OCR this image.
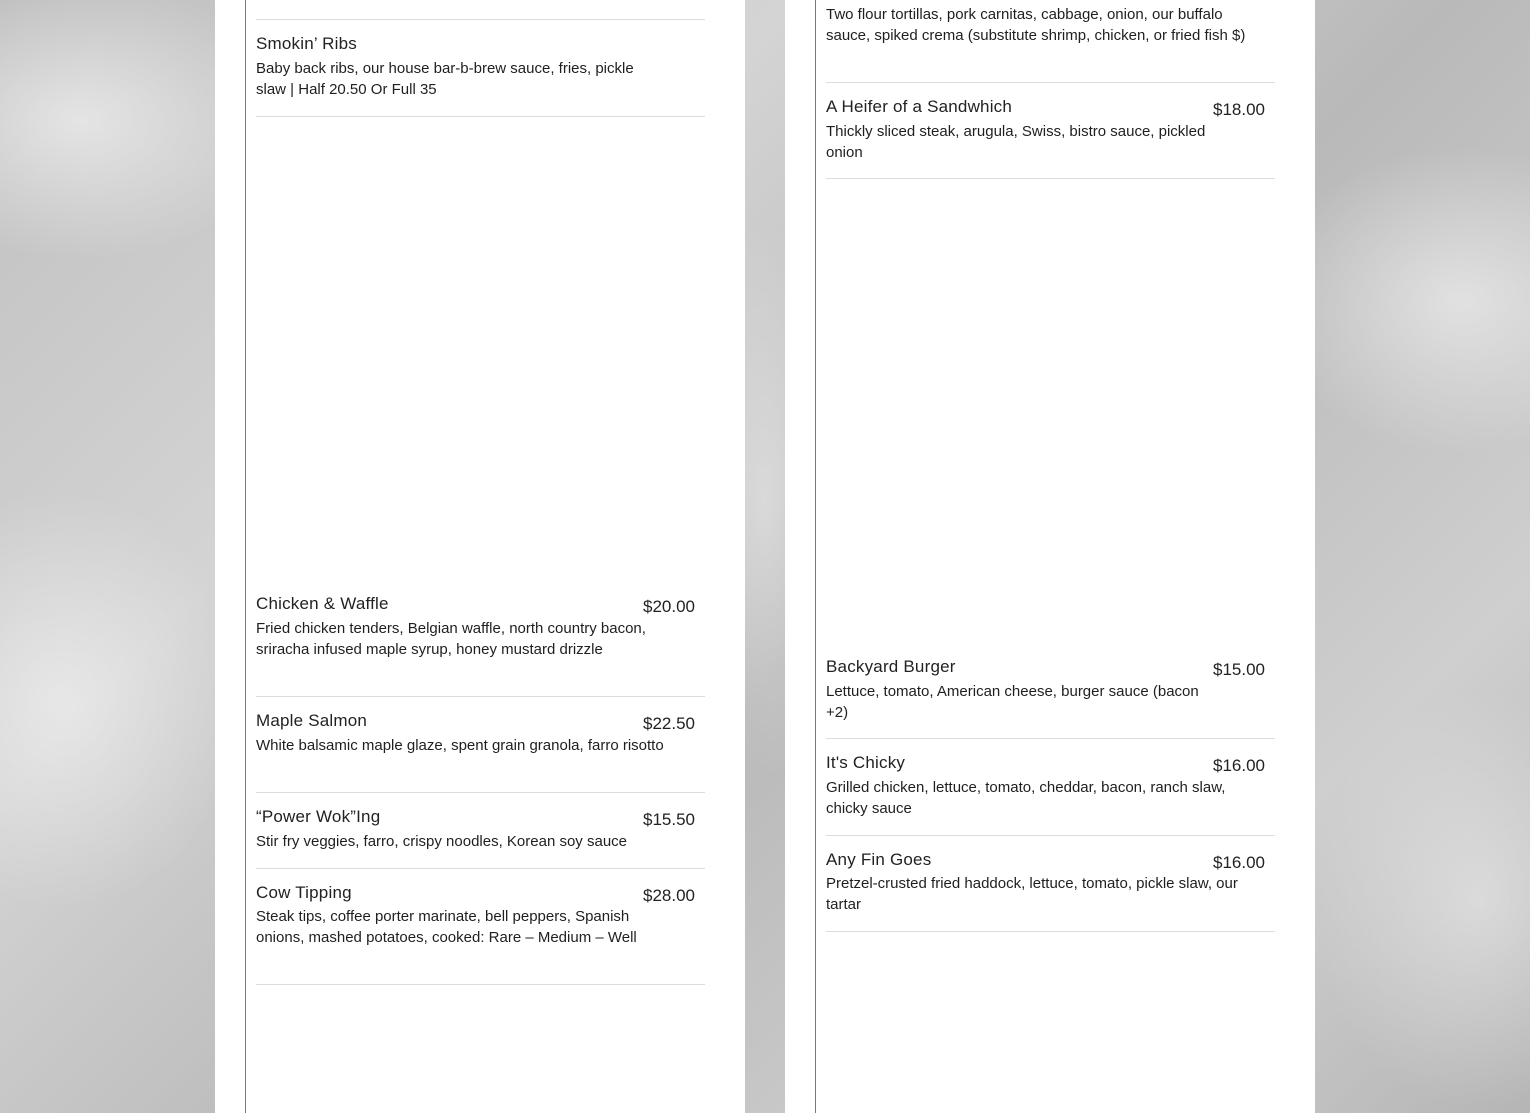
Smokin’ Ribs
Baby back ribs, our house bar-b-brew sauce, fries, pickle slaw | Half 20.50 Or Full 35
Chicken & Waffle	$20.00
Fried chicken tenders, Belgian waffle, north country bacon, sriracha infused maple syrup, honey mustard drizzle
Maple Salmon	$22.50
White balsamic maple glaze, spent grain granola, farro risotto
“Power Wok”Ing	$15.50
Stir fry veggies, farro, crispy noodles, Korean soy sauce
Cow Tipping	$28.00
Steak tips, coffee porter marinate, bell peppers, Spanish onions, mashed potatoes, cooked: Rare – Medium – Well
Two flour tortillas, pork carnitas, cabbage, onion, our buffalo sauce, spiked crema (substitute shrimp, chicken, or fried fish $)
A Heifer of a Sandwhich	$18.00
Thickly sliced steak, arugula, Swiss, bistro sauce, pickled onion
Backyard Burger	$15.00
Lettuce, tomato, American cheese, burger sauce (bacon +2)
It's Chicky	$16.00
Grilled chicken, lettuce, tomato, cheddar, bacon, ranch slaw, chicky sauce
Any Fin Goes	$16.00
Pretzel-crusted fried haddock, lettuce, tomato, pickle slaw, our tartar
